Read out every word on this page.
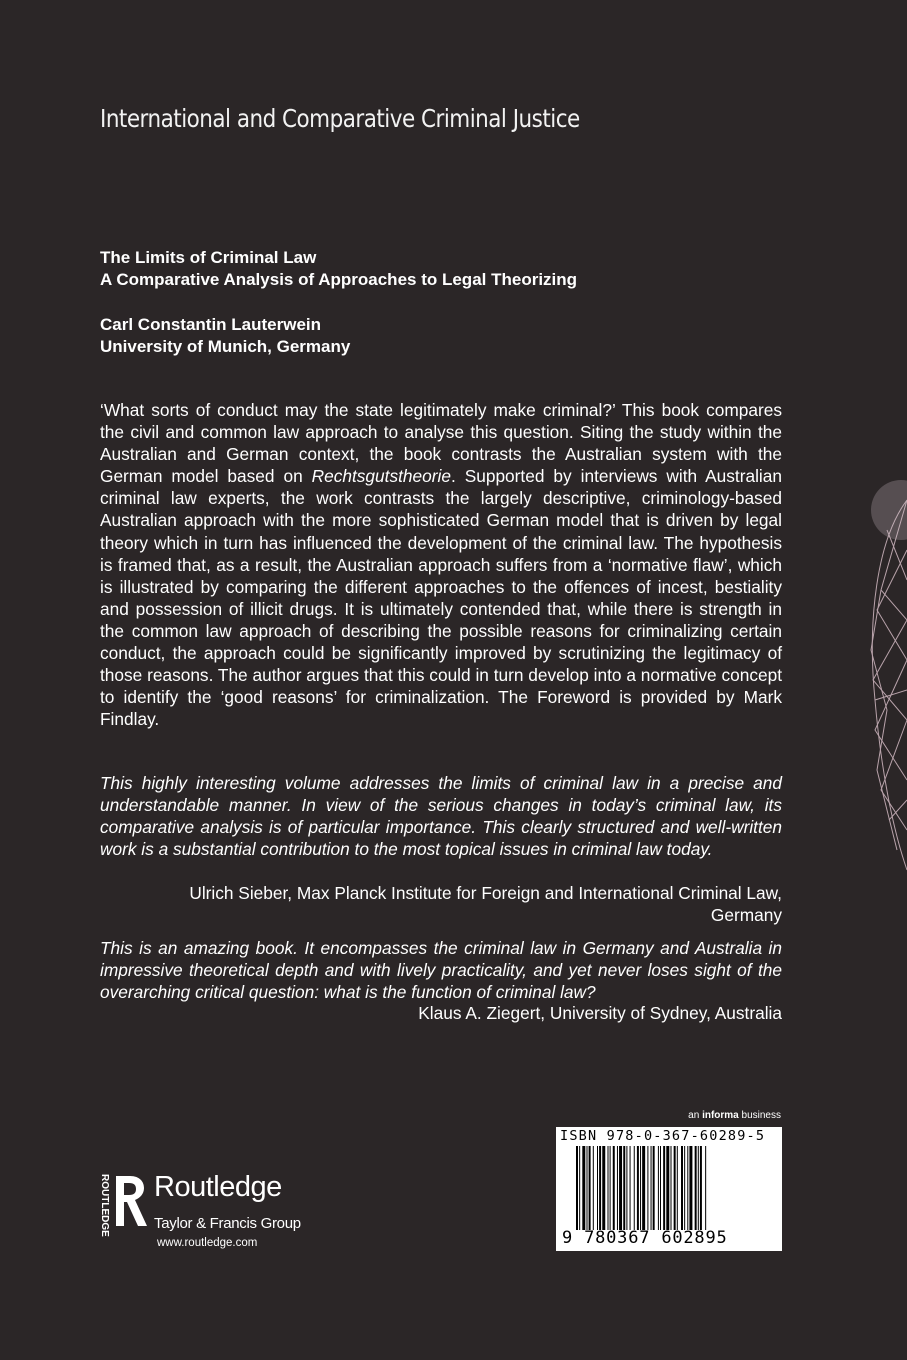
International and Comparative Criminal Justice
The Limits of Criminal Law
A Comparative Analysis of Approaches to Legal Theorizing
Carl Constantin Lauterwein
University of Munich, Germany

‘What sorts of conduct may the state legitimately make criminal?’ This book compares the civil and common law approach to analyse this question. Siting the study within the Australian and German context, the book contrasts the Australian system with the German model based on Rechtsgutstheorie. Supported by interviews with Australian criminal law experts, the work contrasts the largely descriptive, criminology-based Australian approach with the more sophisticated German model that is driven by legal theory which in turn has influenced the development of the criminal law. The hypothesis is framed that, as a result, the Australian approach suffers from a ‘normative flaw’, which is illustrated by comparing the different approaches to the offences of incest, bestiality and possession of illicit drugs. It is ultimately contended that, while there is strength in the common law approach of describing the possible reasons for criminalizing certain conduct, the approach could be significantly improved by scrutinizing the legitimacy of those reasons. The author argues that this could in turn develop into a normative concept to identify the ‘good reasons’ for criminalization. The Foreword is provided by Mark Findlay.

This highly interesting volume addresses the limits of criminal law in a precise and understandable manner. In view of the serious changes in today’s criminal law, its comparative analysis is of particular importance. This clearly structured and well-written work is a substantial contribution to the most topical issues in criminal law today.

Ulrich Sieber, Max Planck Institute for Foreign and International Criminal Law,
Germany

This is an amazing book. It encompasses the criminal law in Germany and Australia in impressive theoretical depth and with lively practicality, and yet never loses sight of the overarching critical question: what is the function of criminal law?

Klaus A. Ziegert, University of Sydney, Australia
an informa business
ISBN 978-0-367-60289-5
9 780367 602895
ROUTLEDGE Routledge
Taylor & Francis Group
www.routledge.com
